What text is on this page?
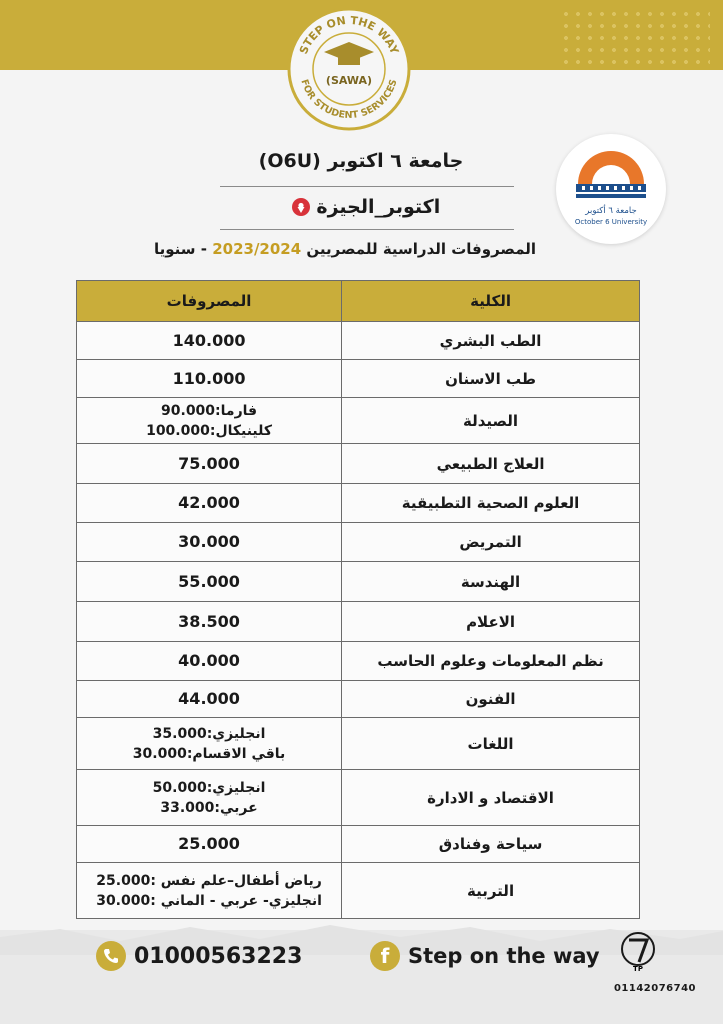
STEP ON THE WAY
FOR STUDENT SERVICES
(SAWA)
جامعة ٦ أكتوبر
October 6 University
جامعة ٦ اكتوبر (O6U)
اكتوبر_الجيزة
المصروفات الدراسية للمصريين 2023/2024 - سنويا
الكلية	المصروفات
الطب البشري	140.000
طب الاسنان	110.000
الصيدلة	فارما:90.000
كلينيكال:100.000

العلاج الطبيعي	75.000
العلوم الصحية التطبيقية	42.000
التمريض	30.000
الهندسة	55.000
الاعلام	38.500
نظم المعلومات وعلوم الحاسب	40.000
الفنون	44.000
اللغات	انجليزي:35.000
باقي الاقسام:30.000

الاقتصاد و الادارة	انجليزي:50.000
عربي:33.000

سياحة وفنادق	25.000
التربية	رياض أطفال–علم نفس :25.000
انجليزي- عربي - الماني :30.000
01000563223	f Step on the way
TP
01142076740
